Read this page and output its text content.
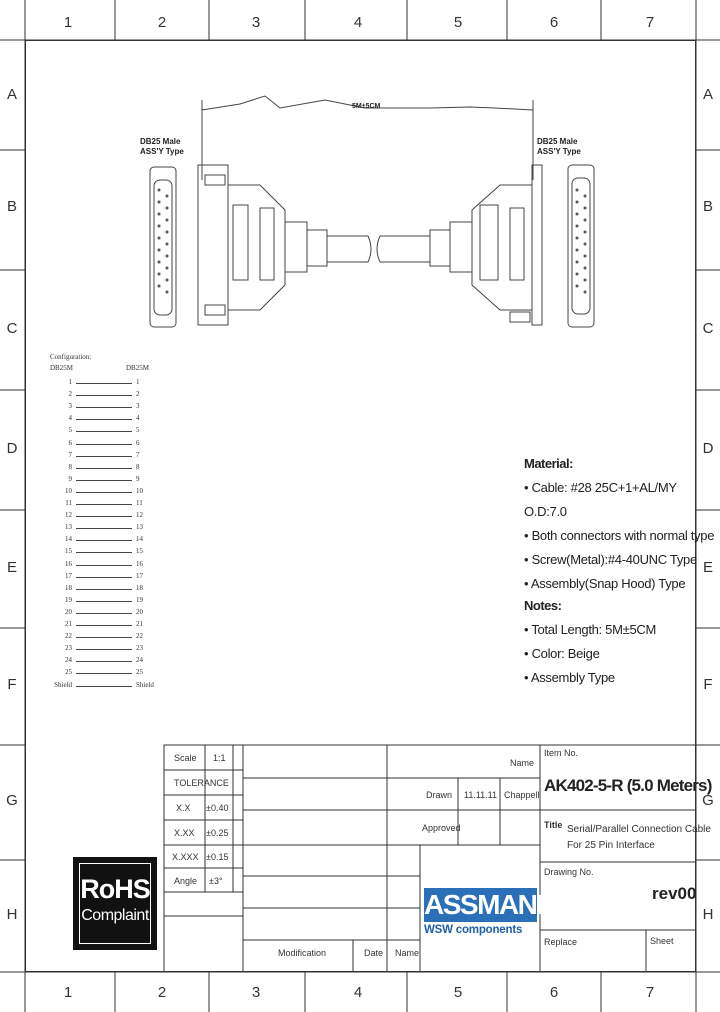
1	2	3	4	5	6	7
1	2	3	4	5	6	7
A
B
C
D
E
F
G
H
A
B
C
D
E
F
G
H
5M±5CM
DB25 Male
ASS'Y Type
DB25 Male
ASS'Y Type
Configuration:
DB25M	DB25M
1	1
2	2
3	3
4	4
5	5
6	6
7	7
8	8
9	9
10	10
11	11
12	12
13	13
14	14
15	15
16	16
17	17
18	18
19	19
20	20
21	21
22	22
23	23
24	24
25	25
Shield	Shield
Material:
• Cable: #28 25C+1+AL/MY O.D:7.0
• Both connectors with normal type
• Screw(Metal):#4-40UNC Type
• Assembly(Snap Hood) Type
Notes:
• Total Length: 5M±5CM
• Color: Beige
• Assembly Type
RoHS
Complaint
Scale 1:1
TOLERANCE
X.X ±0.40
X.XX ±0.25
X.XXX ±0.15
Angle ±3°
Name
Drawn 11.11.11 Chappell
Approved
Modification	Date Name
Item No.
AK402-5-R (5.0 Meters)
Title Serial/Parallel Connection Cable
For 25 Pin Interface
Drawing No.
rev00
Replace	Sheet
ASSMANN
WSW components
